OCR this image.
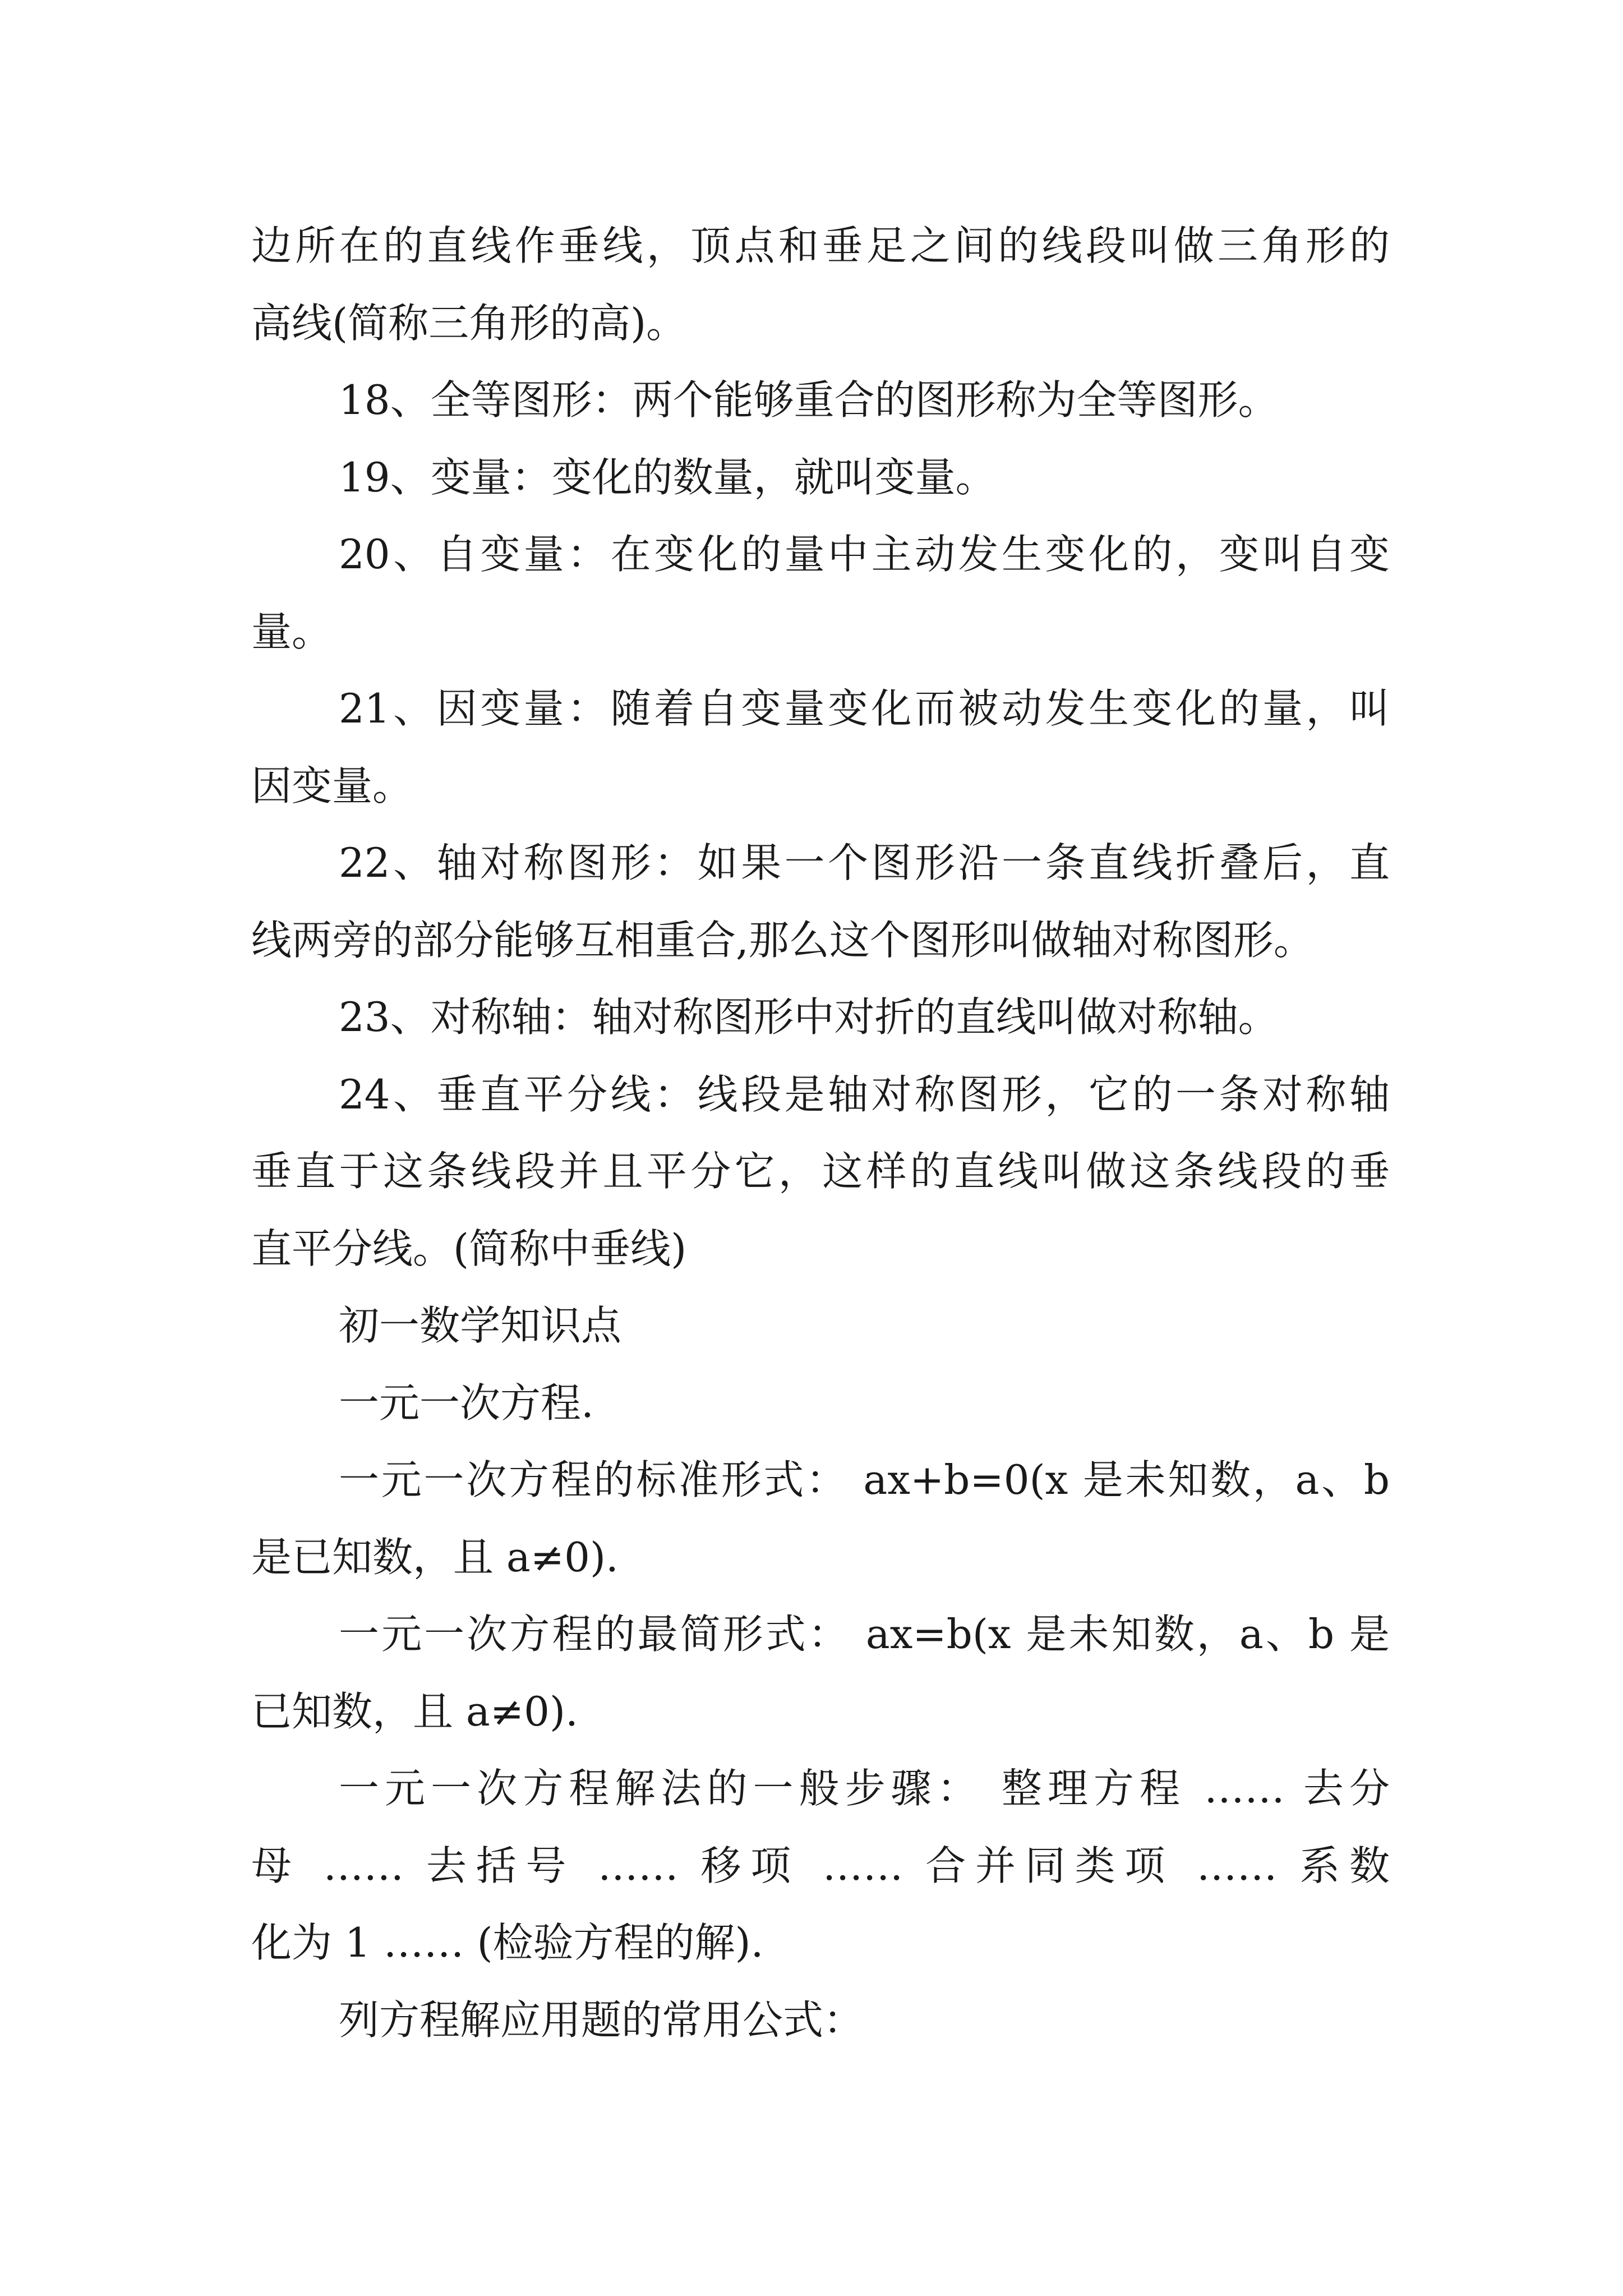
边所在的直线作垂线，顶点和垂足之间的线段叫做三角形的
高线(简称三角形的高)。
18、全等图形：两个能够重合的图形称为全等图形。
19、变量：变化的数量，就叫变量。
20、自变量：在变化的量中主动发生变化的，变叫自变
量。
21、因变量：随着自变量变化而被动发生变化的量，叫
因变量。
22、轴对称图形：如果一个图形沿一条直线折叠后，直
线两旁的部分能够互相重合,那么这个图形叫做轴对称图形。
23、对称轴：轴对称图形中对折的直线叫做对称轴。
24、垂直平分线：线段是轴对称图形，它的一条对称轴
垂直于这条线段并且平分它，这样的直线叫做这条线段的垂
直平分线。(简称中垂线)
初一数学知识点
一元一次方程.
一元一次方程的标准形式： ax+b=0(x 是未知数，a、b
是已知数，且 a≠0).
一元一次方程的最简形式： ax=b(x 是未知数，a、b 是
已知数，且 a≠0).
一元一次方程解法的一般步骤： 整理方程 …… 去分
母 …… 去括号 …… 移项 …… 合并同类项 …… 系数
化为 1 …… (检验方程的解).
列方程解应用题的常用公式：
